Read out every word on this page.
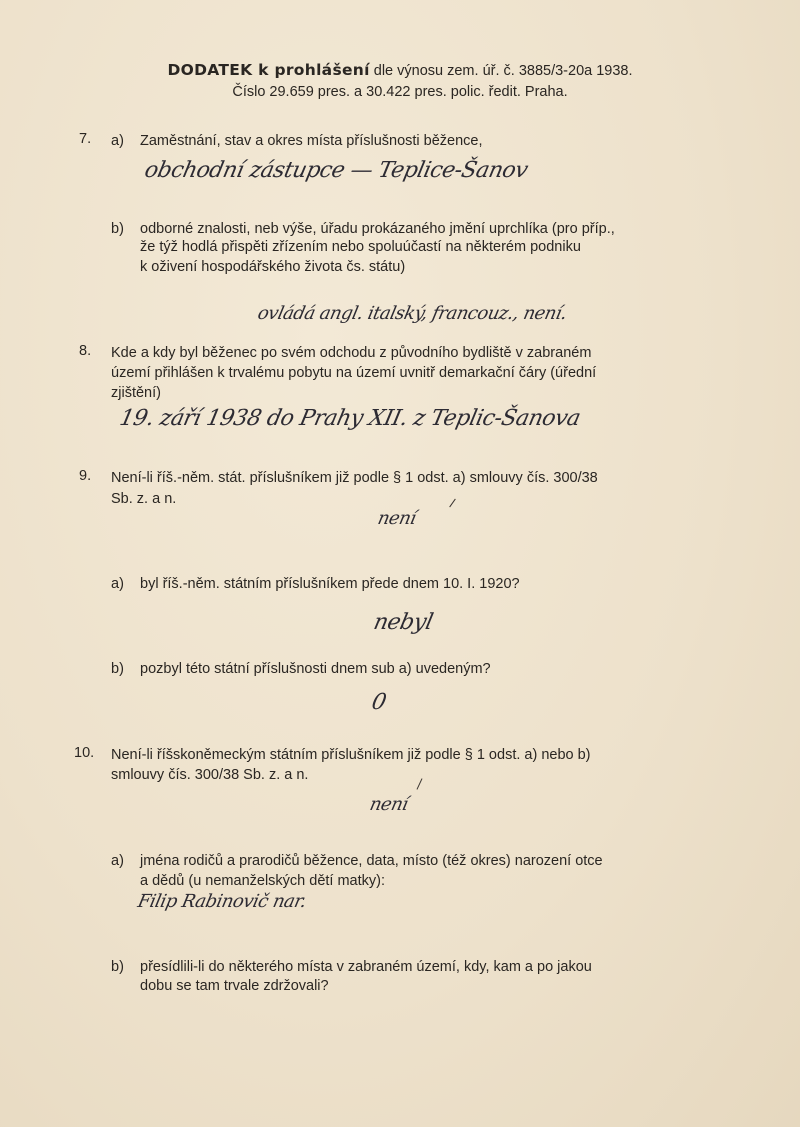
DODATEK k prohlášení dle výnosu zem. úř. č. 3885/3-20a 1938.
Číslo 29.659 pres. a 30.422 pres. polic. ředit. Praha.
7. a) Zaměstnání, stav a okres místa příslušnosti běžence,
obchodní zástupce — Teplice-Šanov
b) odborné znalosti, neb výše, úřadu prokázaného jmění uprchlíka (pro příp.,
že týž hodlá přispěti zřízením nebo spoluúčastí na některém podniku
k oživení hospodářského života čs. státu)
ovládá angl. italský, francouz., není.
8. Kde a kdy byl běženec po svém odchodu z původního bydliště v zabraném
území přihlášen k trvalému pobytu na území uvnitř demarkační čáry (úřední
zjištění)
19. září 1938 do Prahy XII. z Teplic-Šanova
9. Není-li říš.-něm. stát. příslušníkem již podle § 1 odst. a) smlouvy čís. 300/38
Sb. z. a n.
není
a) byl říš.-něm. státním příslušníkem přede dnem 10. I. 1920?
nebyl
b) pozbyl této státní příslušnosti dnem sub a) uvedeným?
0
10. Není-li říšskoněmeckým státním příslušníkem již podle § 1 odst. a) nebo b)
smlouvy čís. 300/38 Sb. z. a n.
není
a) jména rodičů a prarodičů běžence, data, místo (též okres) narození otce
a dědů (u nemanželských dětí matky):
Filip Rabinovič nar.
b) přesídlili-li do některého místa v zabraném území, kdy, kam a po jakou
dobu se tam trvale zdržovali?
